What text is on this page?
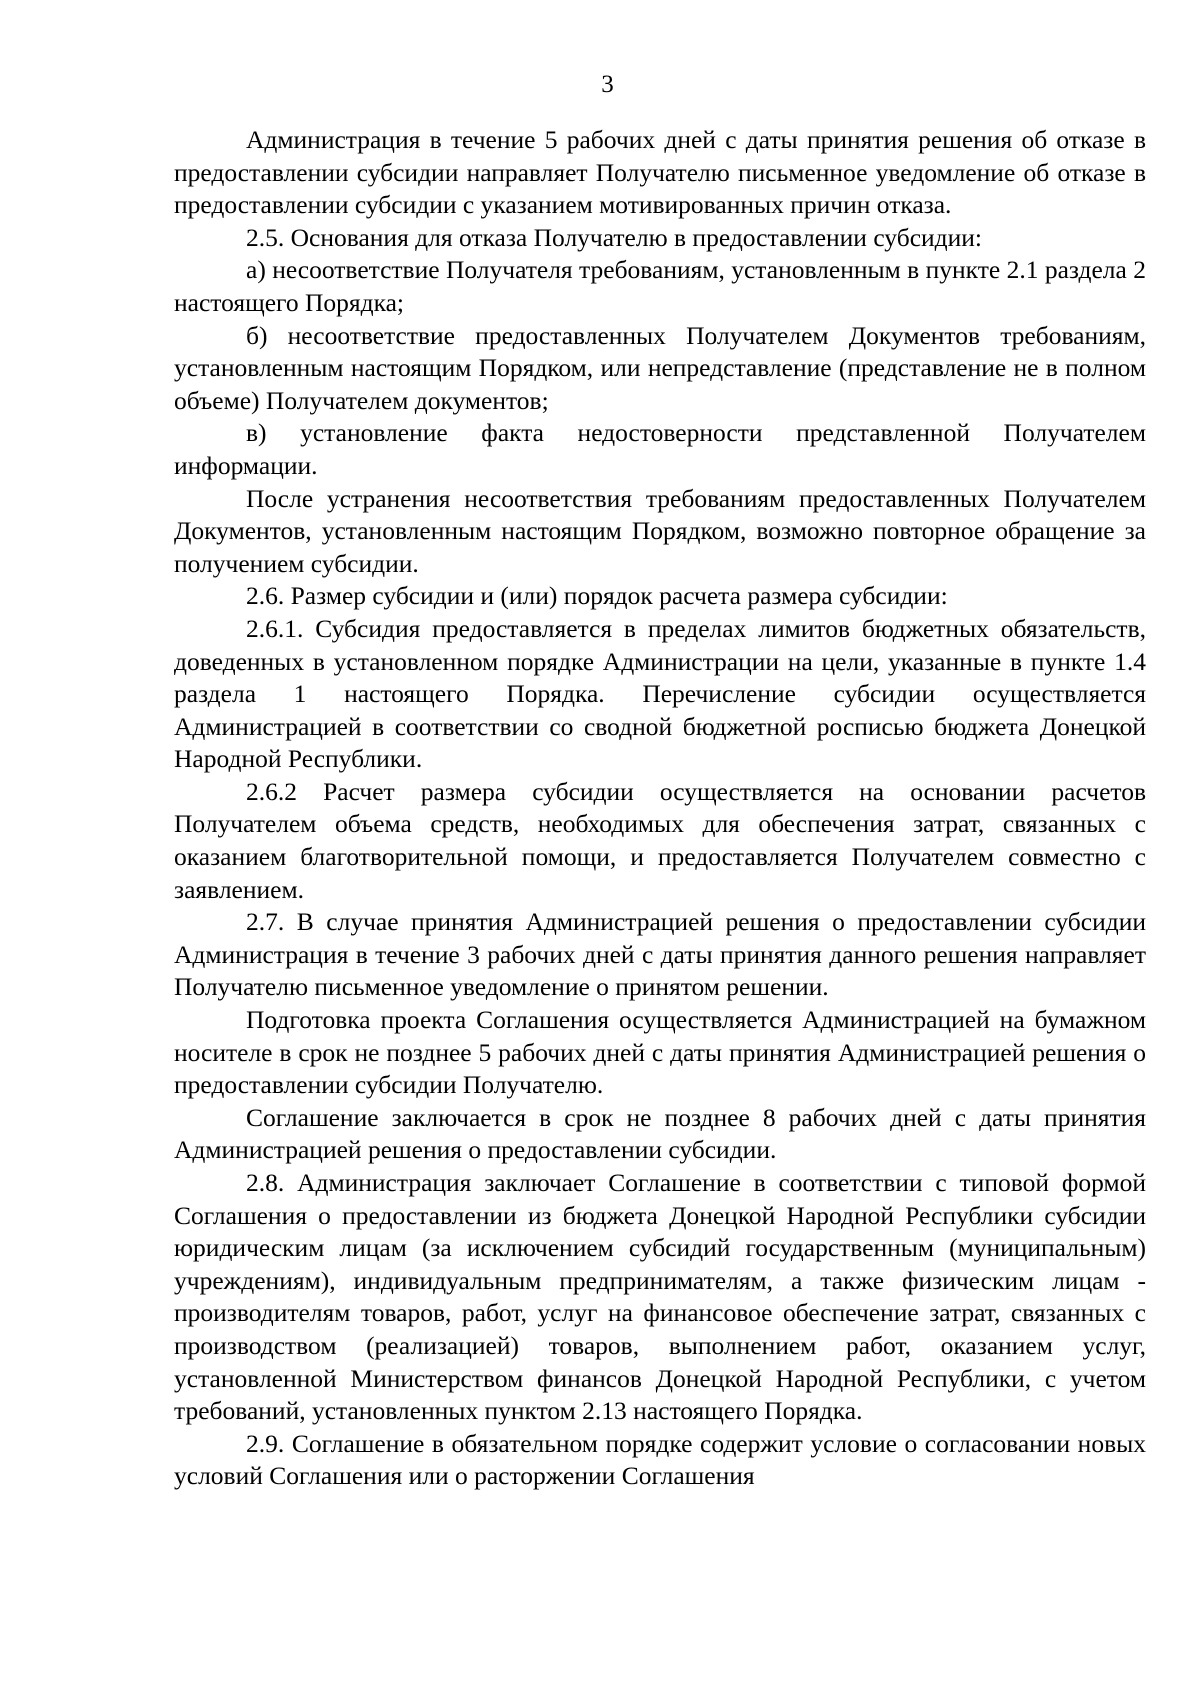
3

Администрация в течение 5 рабочих дней с даты принятия решения об отказе в предоставлении субсидии направляет Получателю письменное уведомление об отказе в предоставлении субсидии с указанием мотивированных причин отказа.

2.5. Основания для отказа Получателю в предоставлении субсидии:

а) несоответствие Получателя требованиям, установленным в пункте 2.1 раздела 2 настоящего Порядка;

б) несоответствие предоставленных Получателем Документов требованиям, установленным настоящим Порядком, или непредставление (представление не в полном объеме) Получателем документов;

в) установление факта недостоверности представленной Получателем информации.

После устранения несоответствия требованиям предоставленных Получателем Документов, установленным настоящим Порядком, возможно повторное обращение за получением субсидии.

2.6. Размер субсидии и (или) порядок расчета размера субсидии:

2.6.1. Субсидия предоставляется в пределах лимитов бюджетных обязательств, доведенных в установленном порядке Администрации на цели, указанные в пункте 1.4 раздела 1 настоящего Порядка. Перечисление субсидии осуществляется Администрацией в соответствии со сводной бюджетной росписью бюджета Донецкой Народной Республики.

2.6.2 Расчет размера субсидии осуществляется на основании расчетов Получателем объема средств, необходимых для обеспечения затрат, связанных с оказанием благотворительной помощи, и предоставляется Получателем совместно с заявлением.

2.7. В случае принятия Администрацией решения о предоставлении субсидии Администрация в течение 3 рабочих дней с даты принятия данного решения направляет Получателю письменное уведомление о принятом решении.

Подготовка проекта Соглашения осуществляется Администрацией на бумажном носителе в срок не позднее 5 рабочих дней с даты принятия Администрацией решения о предоставлении субсидии Получателю.

Соглашение заключается в срок не позднее 8 рабочих дней с даты принятия Администрацией решения о предоставлении субсидии.

2.8. Администрация заключает Соглашение в соответствии с типовой формой Соглашения о предоставлении из бюджета Донецкой Народной Республики субсидии юридическим лицам (за исключением субсидий государственным (муниципальным) учреждениям), индивидуальным предпринимателям, а также физическим лицам - производителям товаров, работ, услуг на финансовое обеспечение затрат, связанных с производством (реализацией) товаров, выполнением работ, оказанием услуг, установленной Министерством финансов Донецкой Народной Республики, с учетом требований, установленных пунктом 2.13 настоящего Порядка.

2.9. Соглашение в обязательном порядке содержит условие о согласовании новых условий Соглашения или о расторжении Соглашения
